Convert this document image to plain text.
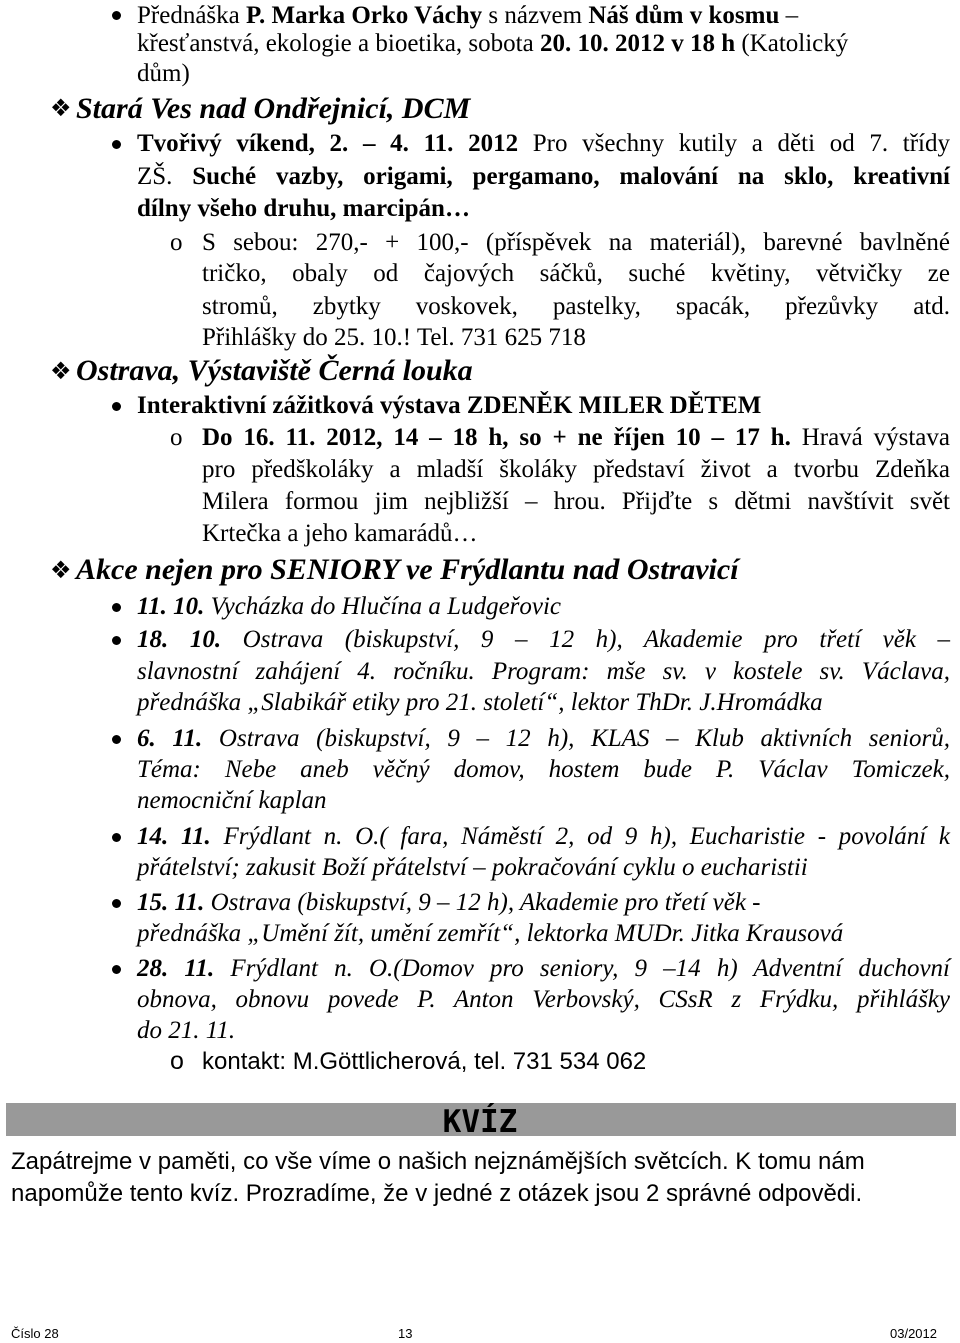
Přednáška P. Marka Orko Váchy s názvem Náš dům v kosmu –
křesťanstvá, ekologie a bioetika, sobota 20. 10. 2012 v 18 h (Katolický
dům)
❖ Stará Ves nad Ondřejnicí, DCM
Tvořivý víkend, 2. – 4. 11. 2012 Pro všechny kutily a děti od 7. třídy
ZŠ. Suché vazby, origami, pergamano, malování na sklo, kreativní
dílny všeho druhu, marcipán…
o S sebou: 270,- + 100,- (příspěvek na materiál), barevné bavlněné
tričko, obaly od čajových sáčků, suché květiny, větvičky ze
stromů, zbytky voskovek, pastelky, spacák, přezůvky atd.
Přihlášky do 25. 10.! Tel. 731 625 718
❖ Ostrava, Výstaviště Černá louka
Interaktivní zážitková výstava ZDENĚK MILER DĚTEM
o Do 16. 11. 2012, 14 – 18 h, so + ne říjen 10 – 17 h. Hravá výstava
pro předškoláky a mladší školáky představí život a tvorbu Zdeňka
Milera formou jim nejbližší – hrou. Přijďte s dětmi navštívit svět
Krtečka a jeho kamarádů…
❖ Akce nejen pro SENIORY ve Frýdlantu nad Ostravicí
11. 10. Vycházka do Hlučína a Ludgeřovic
18. 10. Ostrava (biskupství, 9 – 12 h), Akademie pro třetí věk –
slavnostní zahájení 4. ročníku. Program: mše sv. v kostele sv. Václava,
přednáška „Slabikář etiky pro 21. století“, lektor ThDr. J.Hromádka
6. 11. Ostrava (biskupství, 9 – 12 h), KLAS – Klub aktivních seniorů,
Téma: Nebe aneb věčný domov, hostem bude P. Václav Tomiczek,
nemocniční kaplan
14. 11. Frýdlant n. O.( fara, Náměstí 2, od 9 h), Eucharistie - povolání k
přátelství; zakusit Boží přátelství – pokračování cyklu o eucharistii
15. 11. Ostrava (biskupství, 9 – 12 h), Akademie pro třetí věk -
přednáška „Umění žít, umění zemřít“, lektorka MUDr. Jitka Krausová
28. 11. Frýdlant n. O.(Domov pro seniory, 9 –14 h) Adventní duchovní
obnova, obnovu povede P. Anton Verbovský, CSsR z Frýdku, přihlášky
do 21. 11.
o kontakt: M.Göttlicherová, tel. 731 534 062
KVÍZ
Zapátrejme v paměti, co vše víme o našich nejznámějších světcích. K tomu nám
napomůže tento kvíz. Prozradíme, že v jedné z otázek jsou 2 správné odpovědi.
Číslo 28	13	03/2012
